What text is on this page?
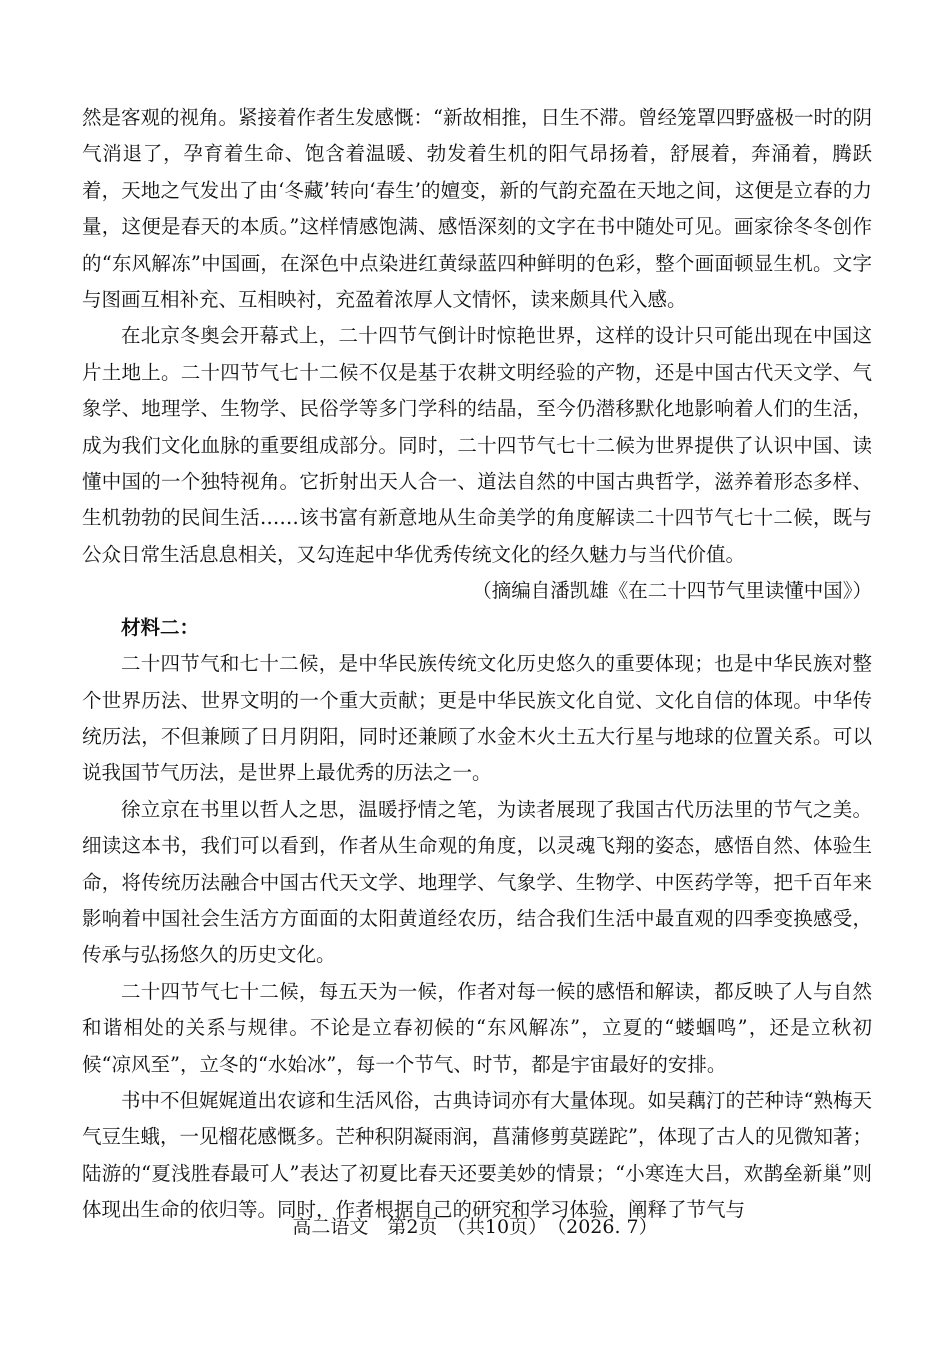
然是客观的视角。紧接着作者生发感慨：“新故相推，日生不滞。曾经笼罩四野盛极一时的阴气消退了，孕育着生命、饱含着温暖、勃发着生机的阳气昂扬着，舒展着，奔涌着，腾跃着，天地之气发出了由‘冬藏’转向‘春生’的嬗变，新的气韵充盈在天地之间，这便是立春的力量，这便是春天的本质。”这样情感饱满、感悟深刻的文字在书中随处可见。画家徐冬冬创作的“东风解冻”中国画，在深色中点染进红黄绿蓝四种鲜明的色彩，整个画面顿显生机。文字与图画互相补充、互相映衬，充盈着浓厚人文情怀，读来颇具代入感。

在北京冬奥会开幕式上，二十四节气倒计时惊艳世界，这样的设计只可能出现在中国这片土地上。二十四节气七十二候不仅是基于农耕文明经验的产物，还是中国古代天文学、气象学、地理学、生物学、民俗学等多门学科的结晶，至今仍潜移默化地影响着人们的生活，成为我们文化血脉的重要组成部分。同时，二十四节气七十二候为世界提供了认识中国、读懂中国的一个独特视角。它折射出天人合一、道法自然的中国古典哲学，滋养着形态多样、生机勃勃的民间生活……该书富有新意地从生命美学的角度解读二十四节气七十二候，既与公众日常生活息息相关，又勾连起中华优秀传统文化的经久魅力与当代价值。

（摘编自潘凯雄《在二十四节气里读懂中国》）

材料二：

二十四节气和七十二候，是中华民族传统文化历史悠久的重要体现；也是中华民族对整个世界历法、世界文明的一个重大贡献；更是中华民族文化自觉、文化自信的体现。中华传统历法，不但兼顾了日月阴阳，同时还兼顾了水金木火土五大行星与地球的位置关系。可以说我国节气历法，是世界上最优秀的历法之一。

徐立京在书里以哲人之思，温暖抒情之笔，为读者展现了我国古代历法里的节气之美。细读这本书，我们可以看到，作者从生命观的角度，以灵魂飞翔的姿态，感悟自然、体验生命，将传统历法融合中国古代天文学、地理学、气象学、生物学、中医药学等，把千百年来影响着中国社会生活方方面面的太阳黄道经农历，结合我们生活中最直观的四季变换感受，传承与弘扬悠久的历史文化。

二十四节气七十二候，每五天为一候，作者对每一候的感悟和解读，都反映了人与自然和谐相处的关系与规律。不论是立春初候的“东风解冻”，立夏的“蝼蝈鸣”，还是立秋初候“凉风至”，立冬的“水始冰”，每一个节气、时节，都是宇宙最好的安排。

书中不但娓娓道出农谚和生活风俗，古典诗词亦有大量体现。如吴藕汀的芒种诗“熟梅天气豆生蛾，一见榴花感慨多。芒种积阴凝雨润，菖蒲修剪莫蹉跎”，体现了古人的见微知著；陆游的“夏浅胜春最可人”表达了初夏比春天还要美妙的情景；“小寒连大吕，欢鹊垒新巢”则体现出生命的依归等。同时，作者根据自己的研究和学习体验，阐释了节气与

高二语文　第2页　（共10页）　（2026. 7）
